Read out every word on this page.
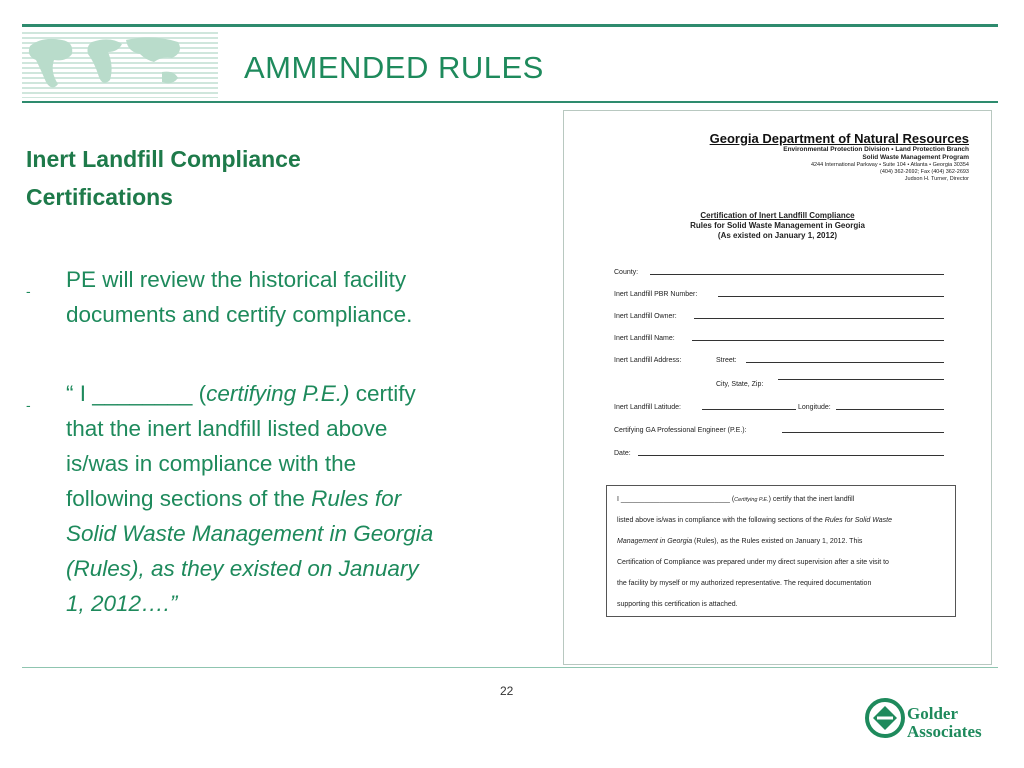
AMMENDED RULES
Inert Landfill Compliance
Certifications
- PE will review the historical facility
documents and certify compliance.
- “ I ________ (certifying P.E.) certify
that the inert landfill listed above
is/was in compliance with the
following sections of the Rules for
Solid Waste Management in Georgia
(Rules), as they existed on January
1, 2012….”
Georgia Department of Natural Resources
Environmental Protection Division • Land Protection Branch
Solid Waste Management Program
4244 International Parkway • Suite 104 • Atlanta • Georgia 30354
(404) 362-2692; Fax (404) 362-2693
Judson H. Turner, Director
Certification of Inert Landfill Compliance
Rules for Solid Waste Management in Georgia
(As existed on January 1, 2012)
County:
Inert Landfill PBR Number:
Inert Landfill Owner:
Inert Landfill Name:
Inert Landfill Address:	Street:
City, State, Zip:
Inert Landfill Latitude:	Longitude:
Certifying GA Professional Engineer (P.E.):
Date:
I ____________________________ (Certifying P.E.) certify that the inert landfill
listed above is/was in compliance with the following sections of the Rules for Solid Waste
Management in Georgia (Rules), as the Rules existed on January 1, 2012. This
Certification of Compliance was prepared under my direct supervision after a site visit to
the facility by myself or my authorized representative. The required documentation
supporting this certification is attached.
22
Golder
Associates
